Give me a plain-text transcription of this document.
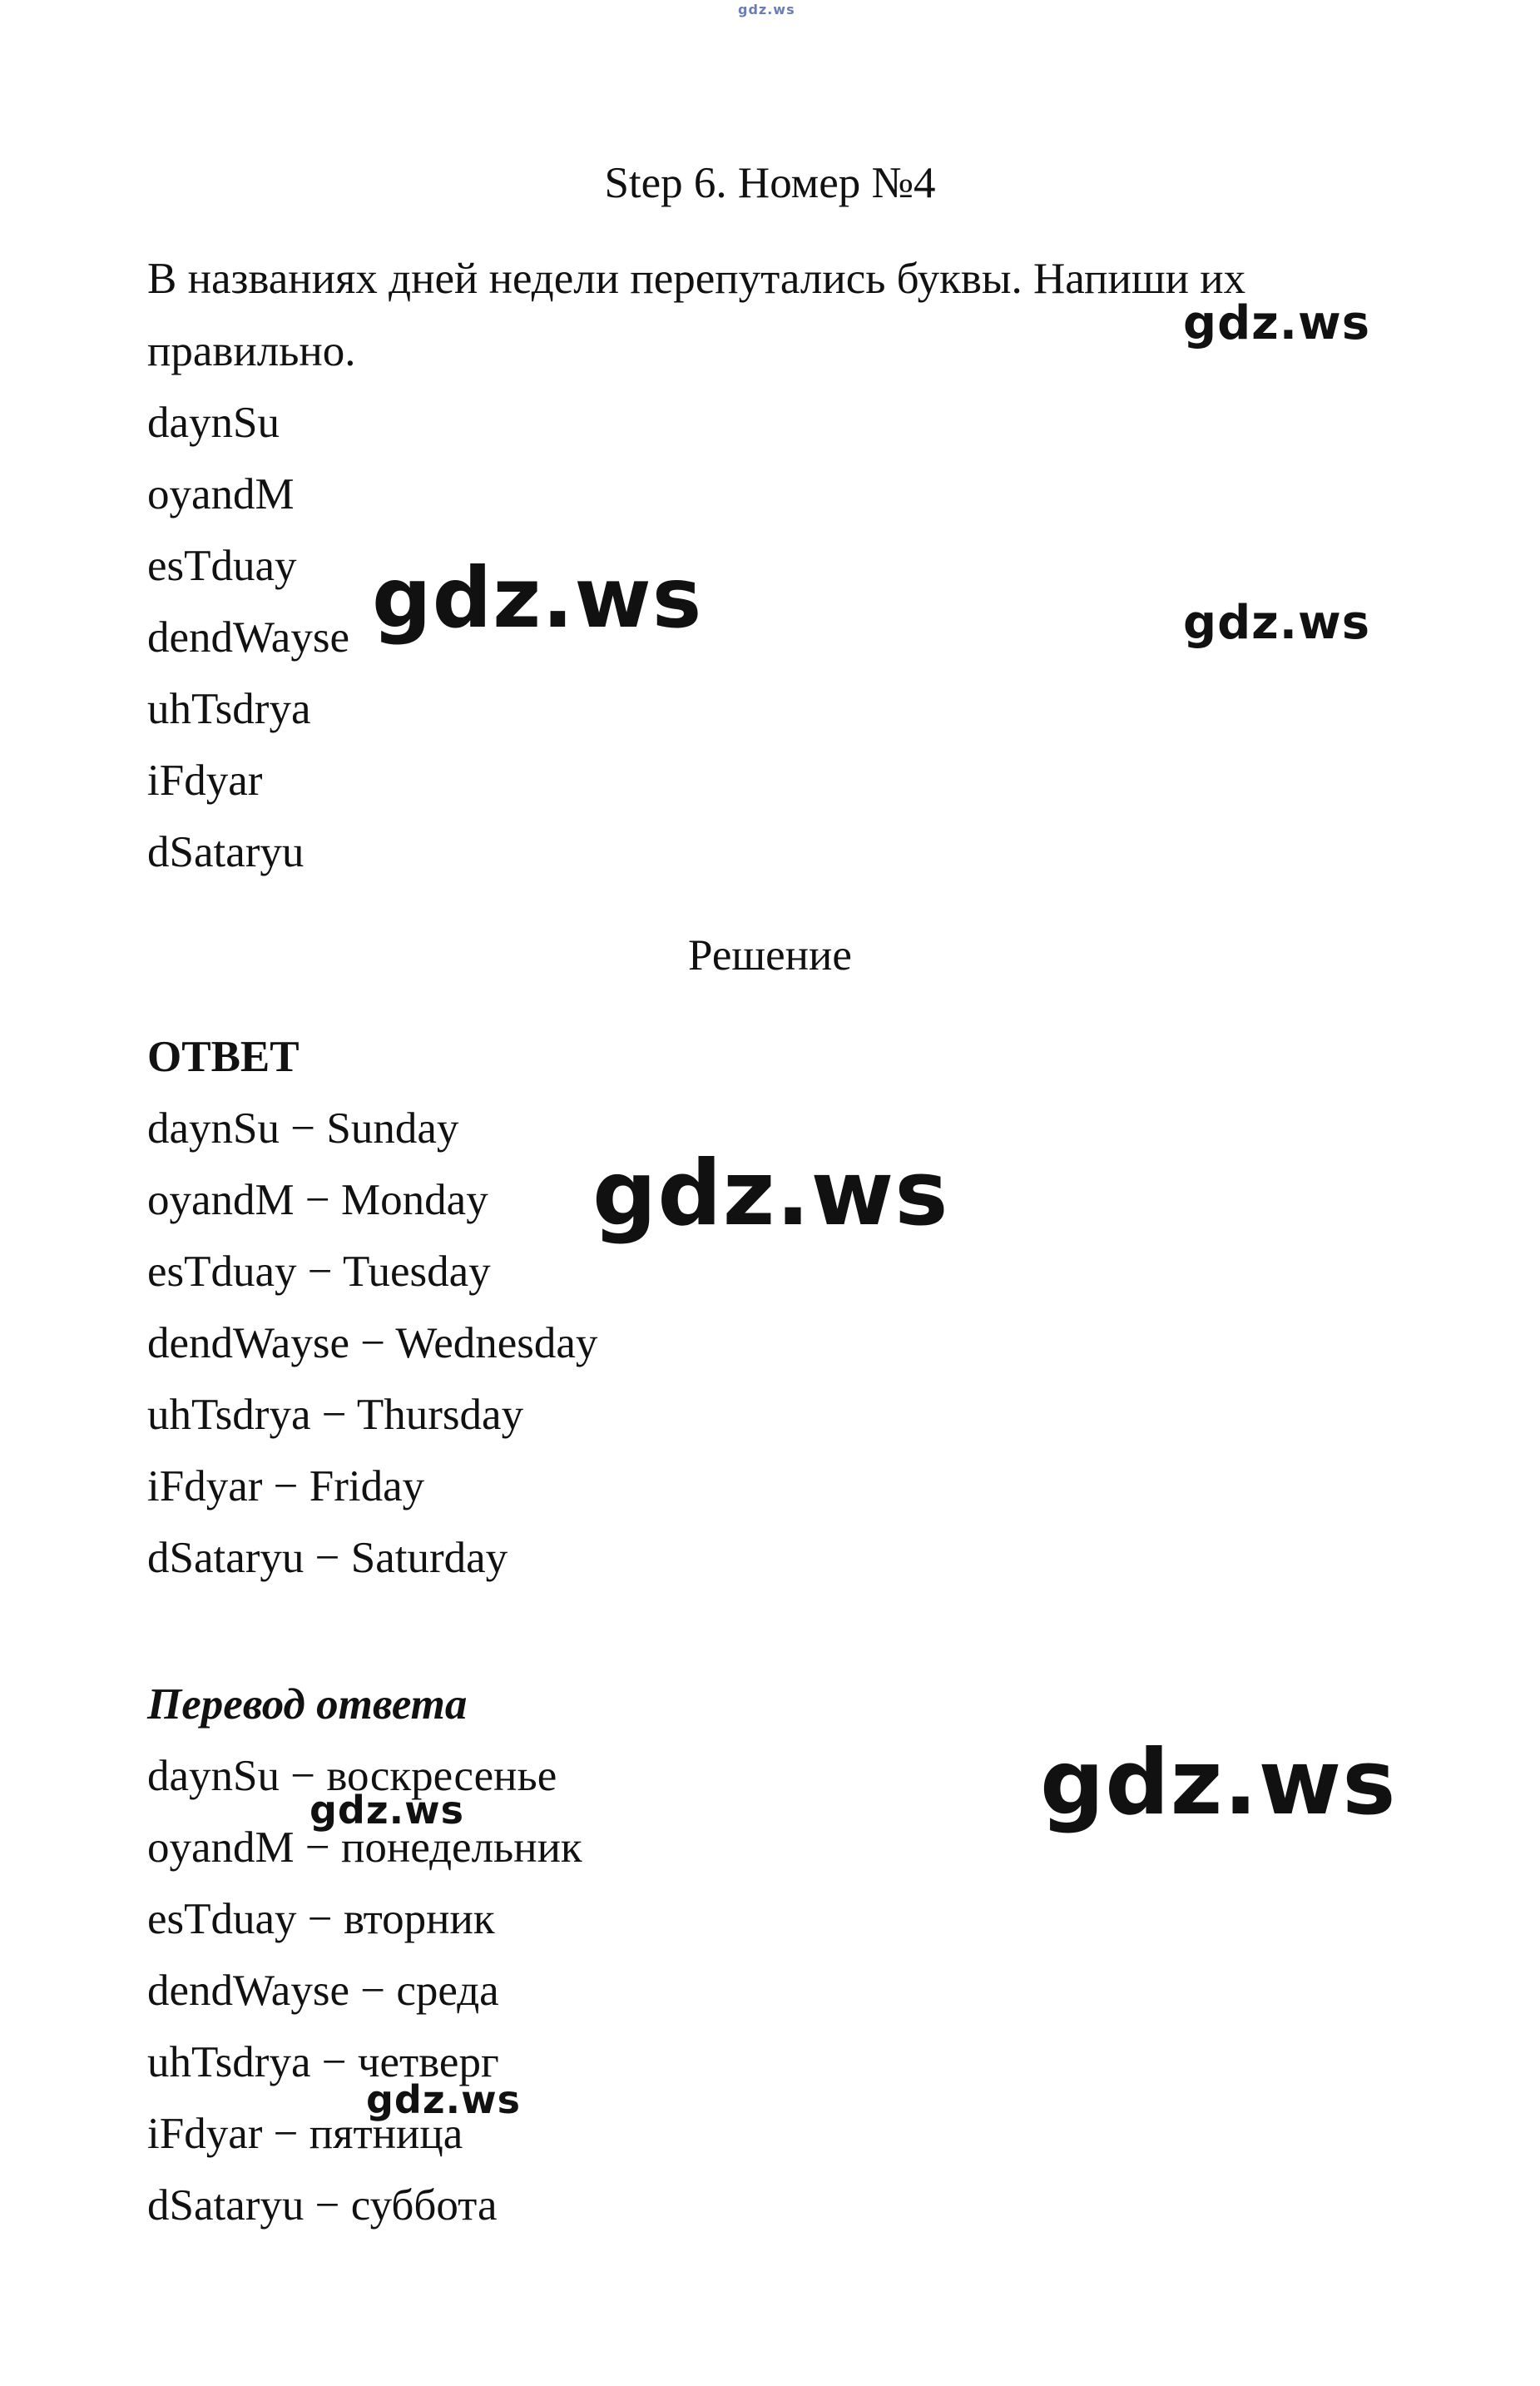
gdz.ws
Step 6. Номер №4
В названиях дней недели перепутались буквы. Напиши их
правильно.
daynSu
oyandM
esTduay
dendWayse
uhTsdrya
iFdyar
dSataryu
Решение
ОТВЕТ
daynSu − Sunday
oyandM − Monday
esTduay − Tuesday
dendWayse − Wednesday
uhTsdrya − Thursday
iFdyar − Friday
dSataryu − Saturday
Перевод ответа
daynSu − воскресенье
oyandM − понедельник
esTduay − вторник
dendWayse − среда
uhTsdrya − четверг
iFdyar − пятница
dSataryu − суббота
gdz.ws
gdz.ws	gdz.ws
gdz.ws
gdz.ws
gdz.ws
gdz.ws
